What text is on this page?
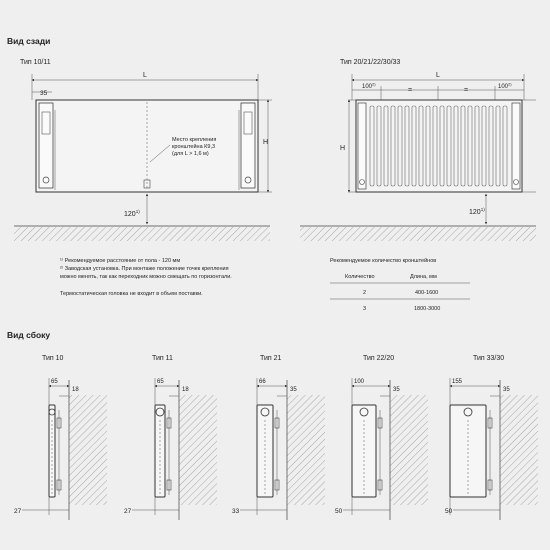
Вид сзади
Тип 10/11
L
35
Место крепления кронштейна К9,3 (для L > 1,6 м)
H
120$^{1)}$
Тип 20/21/22/30/33
L
$100^{2)}$
=	=	$100^{2)}$
H
120$^{1)}$
¹⁾ Рекомендуемое расстояние от пола - 120 мм
²⁾ Заводская установка. При монтаже положение точек крепления
можно менять, так как переходник можно смещать по горизонтали.
Термостатическая головка не входит в объем поставки.
Рекомендуемое количество кронштейнов
Количество	Длина, мм
2	400-1600
3	1800-3000
Вид сбоку
Тип 10
65
18
27
Тип 11
65
18
27
Тип 21
66
35
33
Тип 22/20
100
35
50
Тип 33/30
155
35
50
